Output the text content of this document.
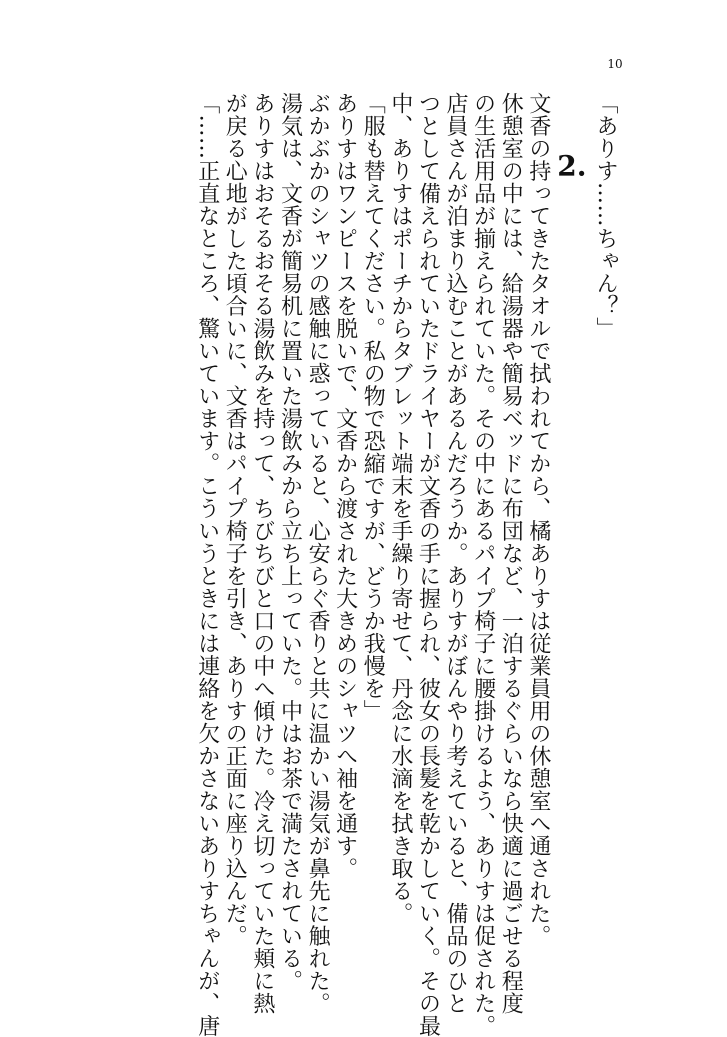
10
「ありす……ちゃん？」
2.
文香の持ってきたタオルで拭われてから、橘ありすは従業員用の休憩室へ通された。
休憩室の中には、給湯器や簡易ベッドに布団など、一泊するぐらいなら快適に過ごせる程度
の生活用品が揃えられていた。その中にあるパイプ椅子に腰掛けるよう、ありすは促された。
店員さんが泊まり込むことがあるんだろうか。ありすがぼんやり考えていると、備品のひと
つとして備えられていたドライヤーが文香の手に握られ、彼女の長髪を乾かしていく。その最
中、ありすはポーチからタブレット端末を手繰り寄せて、丹念に水滴を拭き取る。
「服も替えてください。私の物で恐縮ですが、どうか我慢を」
ありすはワンピースを脱いで、文香から渡された大きめのシャツへ袖を通す。
ぶかぶかのシャツの感触に惑っていると、心安らぐ香りと共に温かい湯気が鼻先に触れた。
湯気は、文香が簡易机に置いた湯飲みから立ち上っていた。中はお茶で満たされている。
ありすはおそるおそる湯飲みを持って、ちびちびと口の中へ傾けた。冷え切っていた頬に熱
が戻る心地がした頃合いに、文香はパイプ椅子を引き、ありすの正面に座り込んだ。
「……正直なところ、驚いています。こういうときには連絡を欠かさないありすちゃんが、唐
